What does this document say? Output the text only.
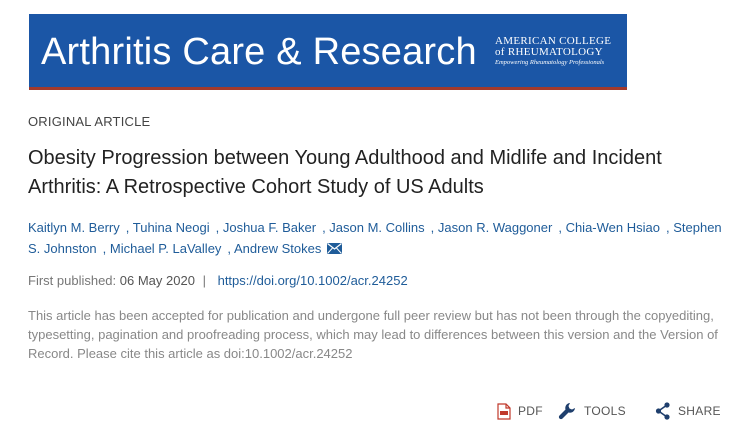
Arthritis Care & Research AMERICAN COLLEGE
of RHEUMATOLOGY
Empowering Rheumatology Professionals
ORIGINAL ARTICLE
Obesity Progression between Young Adulthood and Midlife and Incident Arthritis: A Retrospective Cohort Study of US Adults
Kaitlyn M. Berry , Tuhina Neogi , Joshua F. Baker , Jason M. Collins , Jason R. Waggoner , Chia-Wen Hsiao , Stephen S. Johnston , Michael P. LaValley , Andrew Stokes
First published: 06 May 2020 | https://doi.org/10.1002/acr.24252
This article has been accepted for publication and undergone full peer review but has not been through the copyediting, typesetting, pagination and proofreading process, which may lead to differences between this version and the Version of Record. Please cite this article as doi:10.1002/acr.24252
PDF	TOOLS	SHARE
